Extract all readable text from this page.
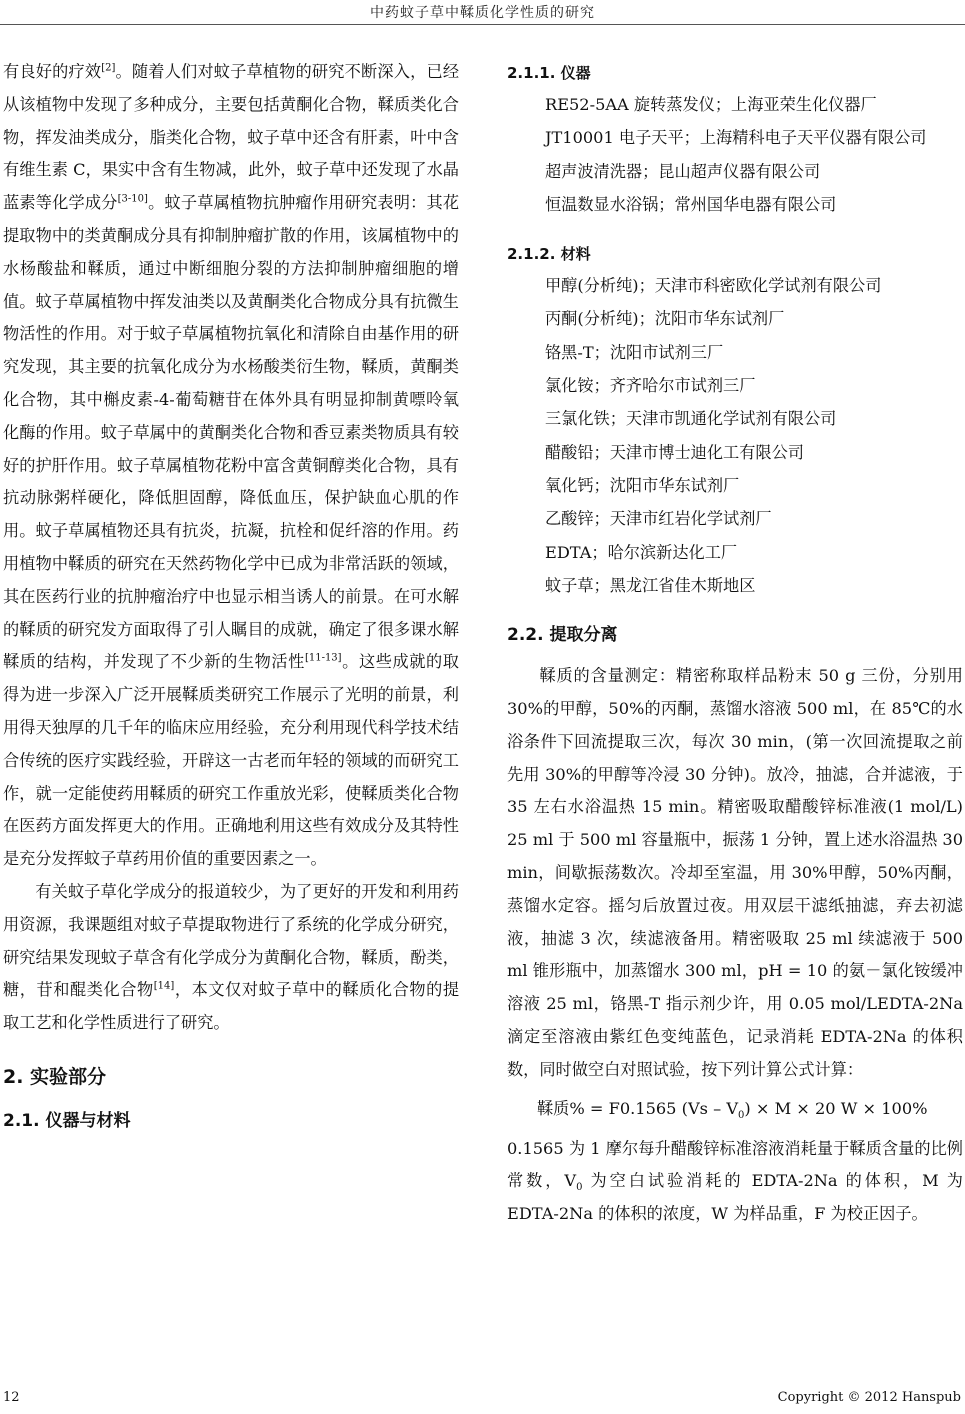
中药蚊子草中鞣质化学性质的研究

有良好的疗效[2]。随着人们对蚊子草植物的研究不断深入，已经从该植物中发现了多种成分，主要包括黄酮化合物，鞣质类化合物，挥发油类成分，脂类化合物，蚊子草中还含有肝素，叶中含有维生素 C，果实中含有生物减，此外，蚊子草中还发现了水晶蓝素等化学成分[3-10]。蚊子草属植物抗肿瘤作用研究表明：其花提取物中的类黄酮成分具有抑制肿瘤扩散的作用，该属植物中的水杨酸盐和鞣质，通过中断细胞分裂的方法抑制肿瘤细胞的增值。蚊子草属植物中挥发油类以及黄酮类化合物成分具有抗微生物活性的作用。对于蚊子草属植物抗氧化和清除自由基作用的研究发现，其主要的抗氧化成分为水杨酸类衍生物，鞣质，黄酮类化合物，其中槲皮素-4-葡萄糖苷在体外具有明显抑制黄嘌呤氧化酶的作用。蚊子草属中的黄酮类化合物和香豆素类物质具有较好的护肝作用。蚊子草属植物花粉中富含黄铜醇类化合物，具有抗动脉粥样硬化，降低胆固醇，降低血压，保护缺血心肌的作用。蚊子草属植物还具有抗炎，抗凝，抗栓和促纤溶的作用。药用植物中鞣质的研究在天然药物化学中已成为非常活跃的领域，其在医药行业的抗肿瘤治疗中也显示相当诱人的前景。在可水解的鞣质的研究发方面取得了引人瞩目的成就，确定了很多课水解鞣质的结构，并发现了不少新的生物活性[11-13]。这些成就的取得为进一步深入广泛开展鞣质类研究工作展示了光明的前景，利用得天独厚的几千年的临床应用经验，充分利用现代科学技术结合传统的医疗实践经验，开辟这一古老而年轻的领域的而研究工作，就一定能使药用鞣质的研究工作重放光彩，使鞣质类化合物在医药方面发挥更大的作用。正确地利用这些有效成分及其特性是充分发挥蚊子草药用价值的重要因素之一。

有关蚊子草化学成分的报道较少，为了更好的开发和利用药用资源，我课题组对蚊子草提取物进行了系统的化学成分研究，研究结果发现蚊子草含有化学成分为黄酮化合物，鞣质，酚类，糖，苷和醌类化合物[14]，本文仅对蚊子草中的鞣质化合物的提取工艺和化学性质进行了研究。

2. 实验部分
2.1. 仪器与材料
2.1.1. 仪器
RE52-5AA 旋转蒸发仪；上海亚荣生化仪器厂
JT10001 电子天平；上海精科电子天平仪器有限公司
超声波清洗器；昆山超声仪器有限公司
恒温数显水浴锅；常州国华电器有限公司
2.1.2. 材料
甲醇(分析纯)；天津市科密欧化学试剂有限公司
丙酮(分析纯)；沈阳市华东试剂厂
铬黑-T；沈阳市试剂三厂
氯化铵；齐齐哈尔市试剂三厂
三氯化铁；天津市凯通化学试剂有限公司
醋酸铅；天津市博士迪化工有限公司
氧化钙；沈阳市华东试剂厂
乙酸锌；天津市红岩化学试剂厂
EDTA；哈尔滨新达化工厂
蚊子草；黑龙江省佳木斯地区
2.2. 提取分离

鞣质的含量测定：精密称取样品粉末 50 g 三份，分别用 30%的甲醇，50%的丙酮，蒸馏水溶液 500 ml，在 85℃的水浴条件下回流提取三次，每次 30 min，(第一次回流提取之前先用 30%的甲醇等冷浸 30 分钟)。放冷，抽滤，合并滤液，于 35 左右水浴温热 15 min。精密吸取醋酸锌标准液(1 mol/L) 25 ml 于 500 ml 容量瓶中，振荡 1 分钟，置上述水浴温热 30 min，间歇振荡数次。冷却至室温，用 30%甲醇，50%丙酮，蒸馏水定容。摇匀后放置过夜。用双层干滤纸抽滤，弃去初滤液，抽滤 3 次，续滤液备用。精密吸取 25 ml 续滤液于 500 ml 锥形瓶中，加蒸馏水 300 ml，pH = 10 的氨－氯化铵缓冲溶液 25 ml，铬黑-T 指示剂少许，用 0.05 mol/LEDTA-2Na 滴定至溶液由紫红色变纯蓝色，记录消耗 EDTA-2Na 的体积数，同时做空白对照试验，按下列计算公式计算：

鞣质% = F0.1565 $(Vs - V_0) \times M \times 20$ W × 100%

0.1565 为 1 摩尔每升醋酸锌标准溶液消耗量于鞣质含量的比例常数，$V_0$ 为空白试验消耗的 EDTA-2Na 的体积，M 为 EDTA-2Na 的体积的浓度，W 为样品重，F 为校正因子。

12	Copyright © 2012 Hanspub
